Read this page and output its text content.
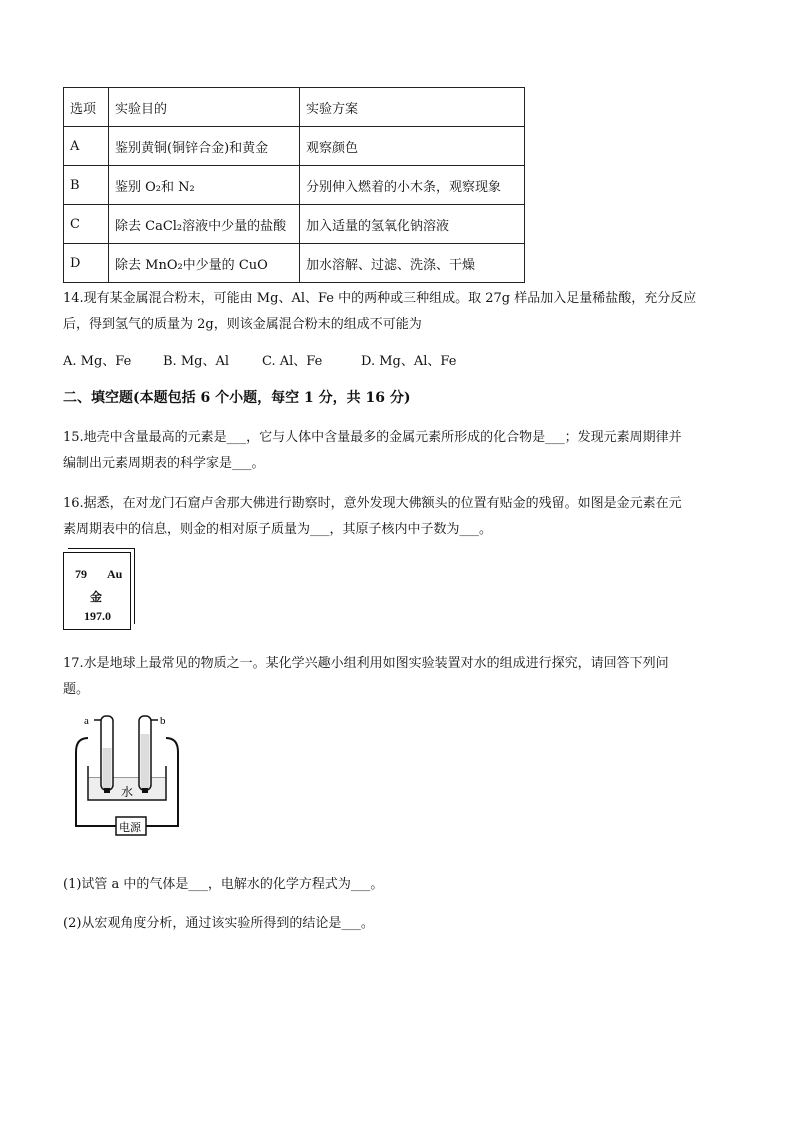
选项	实验目的	实验方案
A	鉴别黄铜(铜锌合金)和黄金	观察颜色
B	鉴别 O₂和 N₂	分别伸入燃着的小木条，观察现象
C	除去 CaCl₂溶液中少量的盐酸	加入适量的氢氧化钠溶液
D	除去 MnO₂中少量的 CuO	加水溶解、过滤、洗涤、干燥
14.现有某金属混合粉末，可能由 Mg、Al、Fe 中的两种或三种组成。取 27g 样品加入足量稀盐酸，充分反应
后，得到氢气的质量为 2g，则该金属混合粉末的组成不可能为
A. Mg、Fe B. Mg、Al	C. Al、Fe	D. Mg、Al、Fe
二、填空题(本题包括 6 个小题，每空 1 分，共 16 分)
15.地壳中含量最高的元素是___，它与人体中含量最多的金属元素所形成的化合物是___；发现元素周期律并
编制出元素周期表的科学家是___。
16.据悉，在对龙门石窟卢舍那大佛进行勘察时，意外发现大佛额头的位置有贴金的残留。如图是金元素在元
素周期表中的信息，则金的相对原子质量为___，其原子核内中子数为___。
79 Au
金
197.0
17.水是地球上最常见的物质之一。某化学兴趣小组利用如图实验装置对水的组成进行探究，请回答下列问
题。
a	b
水
电源
(1)试管 a 中的气体是___，电解水的化学方程式为___。
(2)从宏观角度分析，通过该实验所得到的结论是___。
